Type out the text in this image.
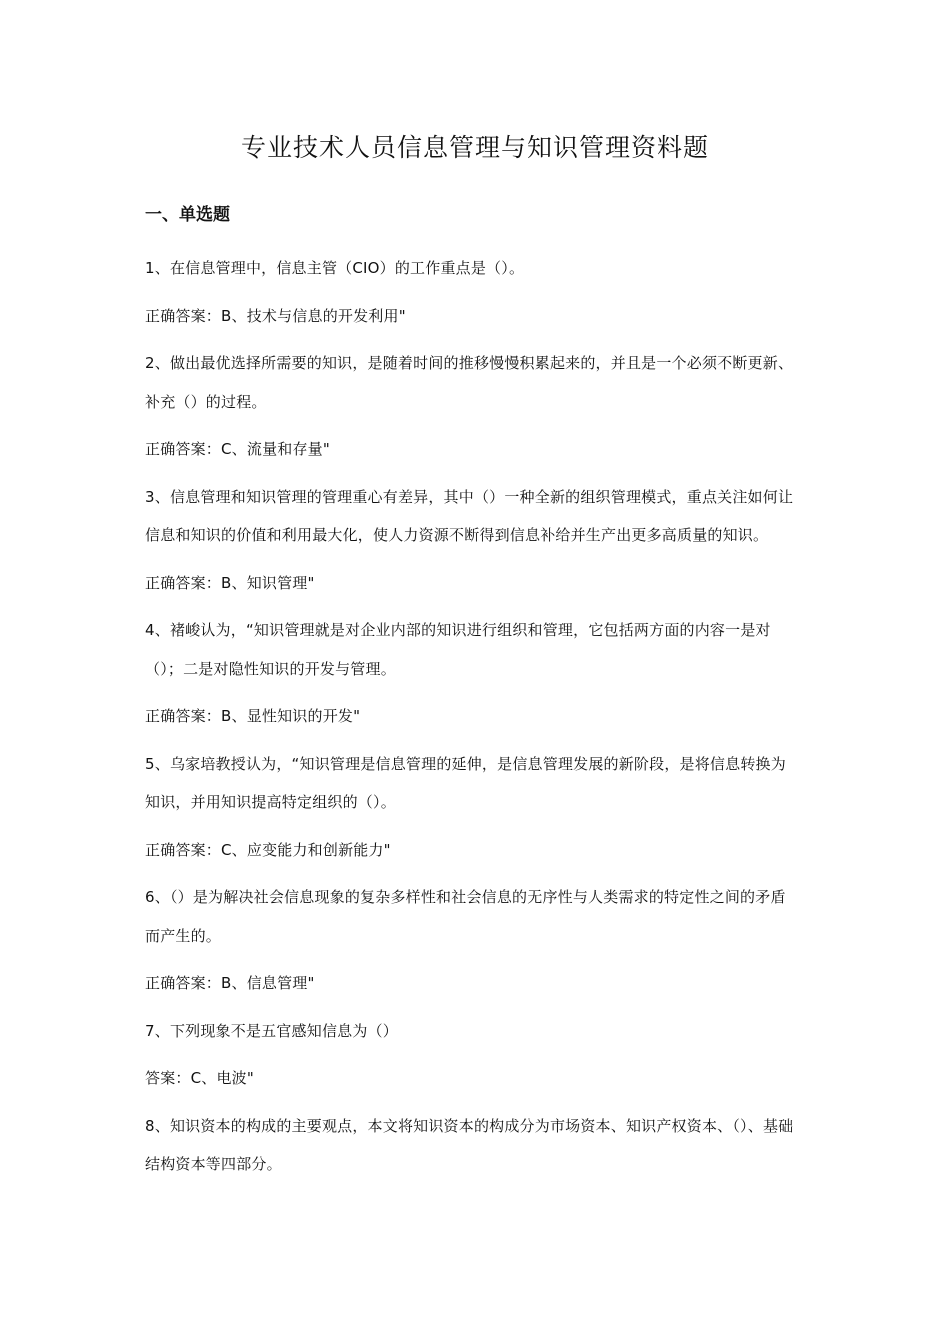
专业技术人员信息管理与知识管理资料题
一、单选题

1、在信息管理中，信息主管（CIO）的工作重点是（）。

正确答案：B、技术与信息的开发利用"

2、做出最优选择所需要的知识，是随着时间的推移慢慢积累起来的，并且是一个必须不断更新、补充（）的过程。

正确答案：C、流量和存量"

3、信息管理和知识管理的管理重心有差异，其中（）一种全新的组织管理模式，重点关注如何让信息和知识的价值和利用最大化，使人力资源不断得到信息补给并生产出更多高质量的知识。

正确答案：B、知识管理"

4、褚峻认为，“知识管理就是对企业内部的知识进行组织和管理，它包括两方面的内容一是对（）；二是对隐性知识的开发与管理。

正确答案：B、显性知识的开发"

5、乌家培教授认为，“知识管理是信息管理的延伸，是信息管理发展的新阶段，是将信息转换为知识，并用知识提高特定组织的（）。

正确答案：C、应变能力和创新能力"

6、（）是为解决社会信息现象的复杂多样性和社会信息的无序性与人类需求的特定性之间的矛盾而产生的。

正确答案：B、信息管理"

7、下列现象不是五官感知信息为（）

答案：C、电波"

8、知识资本的构成的主要观点，本文将知识资本的构成分为市场资本、知识产权资本、（）、基础结构资本等四部分。
